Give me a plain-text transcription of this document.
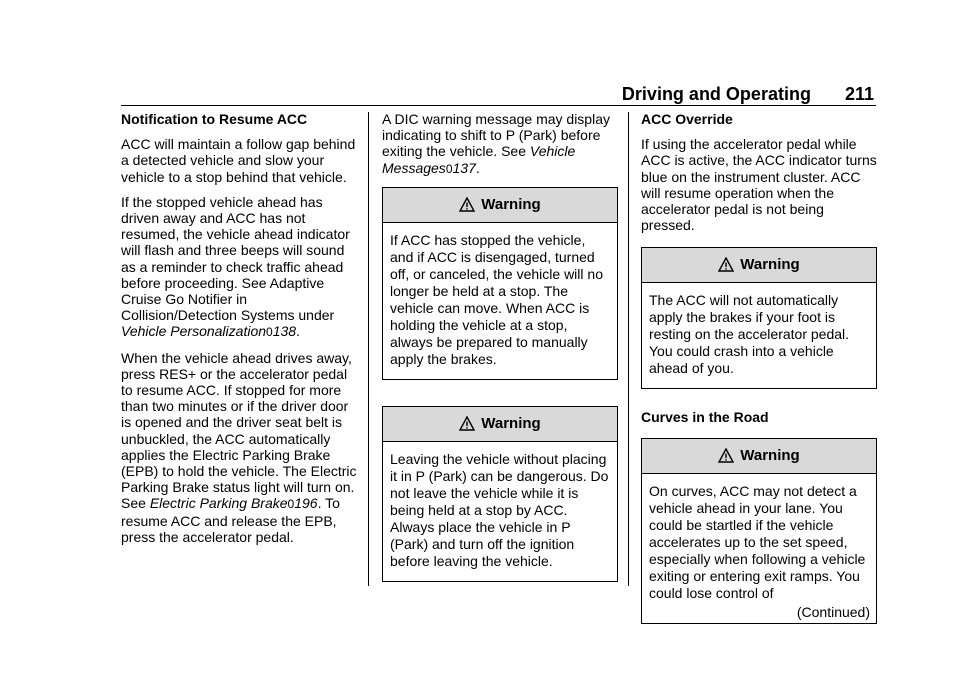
Driving and Operating 211
Notification to Resume ACC

ACC will maintain a follow gap behind a detected vehicle and slow your vehicle to a stop behind that vehicle.

If the stopped vehicle ahead has driven away and ACC has not resumed, the vehicle ahead indicator will flash and three beeps will sound as a reminder to check traffic ahead before proceeding. See Adaptive Cruise Go Notifier in Collision/Detection Systems under Vehicle Personalization0138.

When the vehicle ahead drives away, press RES+ or the accelerator pedal to resume ACC. If stopped for more than two minutes or if the driver door is opened and the driver seat belt is unbuckled, the ACC automatically applies the Electric Parking Brake (EPB) to hold the vehicle. The Electric Parking Brake status light will turn on. See Electric Parking Brake0196. To resume ACC and release the EPB, press the accelerator pedal.

A DIC warning message may display indicating to shift to P (Park) before exiting the vehicle. See Vehicle Messages0137.

Warning
If ACC has stopped the vehicle, and if ACC is disengaged, turned off, or canceled, the vehicle will no longer be held at a stop. The vehicle can move. When ACC is holding the vehicle at a stop, always be prepared to manually apply the brakes.
Warning
Leaving the vehicle without placing it in P (Park) can be dangerous. Do not leave the vehicle while it is being held at a stop by ACC. Always place the vehicle in P (Park) and turn off the ignition before leaving the vehicle.
ACC Override

If using the accelerator pedal while ACC is active, the ACC indicator turns blue on the instrument cluster. ACC will resume operation when the accelerator pedal is not being pressed.

Warning
The ACC will not automatically apply the brakes if your foot is resting on the accelerator pedal. You could crash into a vehicle ahead of you.
Curves in the Road
Warning
On curves, ACC may not detect a vehicle ahead in your lane. You could be startled if the vehicle accelerates up to the set speed, especially when following a vehicle exiting or entering exit ramps. You could lose control of
(Continued)
